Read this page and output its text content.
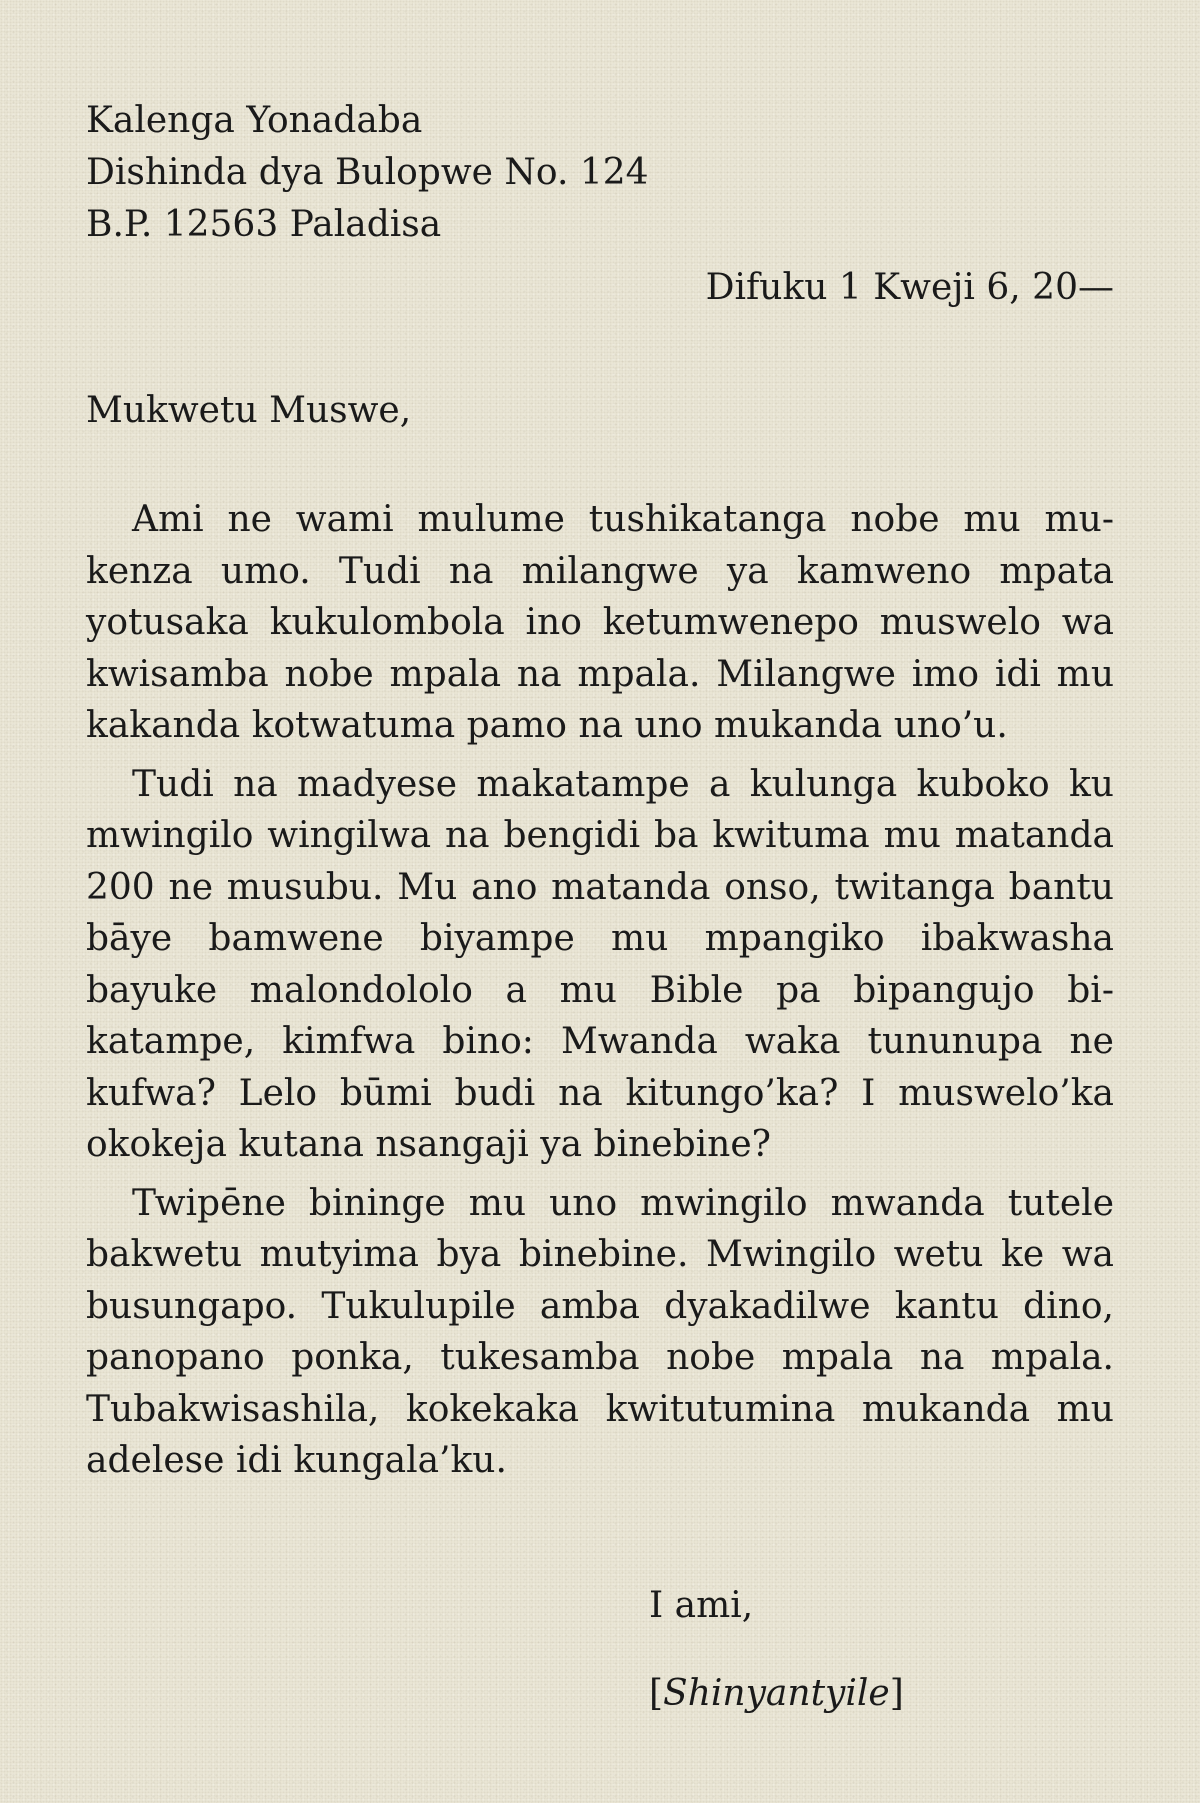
Kalenga Yonadaba
Dishinda dya Bulopwe No. 124
B.P. 12563 Paladisa
Difuku 1 Kweji 6, 20—
Mukwetu Muswe,

Ami ne wami mulume tushikatanga nobe mu mukenza umo. Tudi na milangwe ya kamweno mpata yotusaka kukulombola ino ketumwenepo muswelo wa kwisamba nobe mpala na mpala. Milangwe imo idi mu kakanda kotwatuma pamo na uno mukanda uno’u.

Tudi na madyese makatampe a kulunga kuboko ku mwingilo wingilwa na bengidi ba kwituma mu matanda 200 ne musubu. Mu ano matanda onso, twitanga bantu bāye bamwene biyampe mu mpangiko ibakwasha bayuke malondololo a mu Bible pa bipangujo bikatampe, kimfwa bino: Mwanda waka tununupa ne kufwa? Lelo būmi budi na kitungo’ka? I muswelo’ka okokeja kutana nsangaji ya binebine?

Twipēne bininge mu uno mwingilo mwanda tutele bakwetu mutyima bya binebine. Mwingilo wetu ke wa busungapo. Tukulupile amba dyakadilwe kantu dino, panopano ponka, tukesamba nobe mpala na mpala. Tubakwisashila, kokekaka kwitutumina mukanda mu adelese idi kungala’ku.

I ami,
[Shinyantyile]
